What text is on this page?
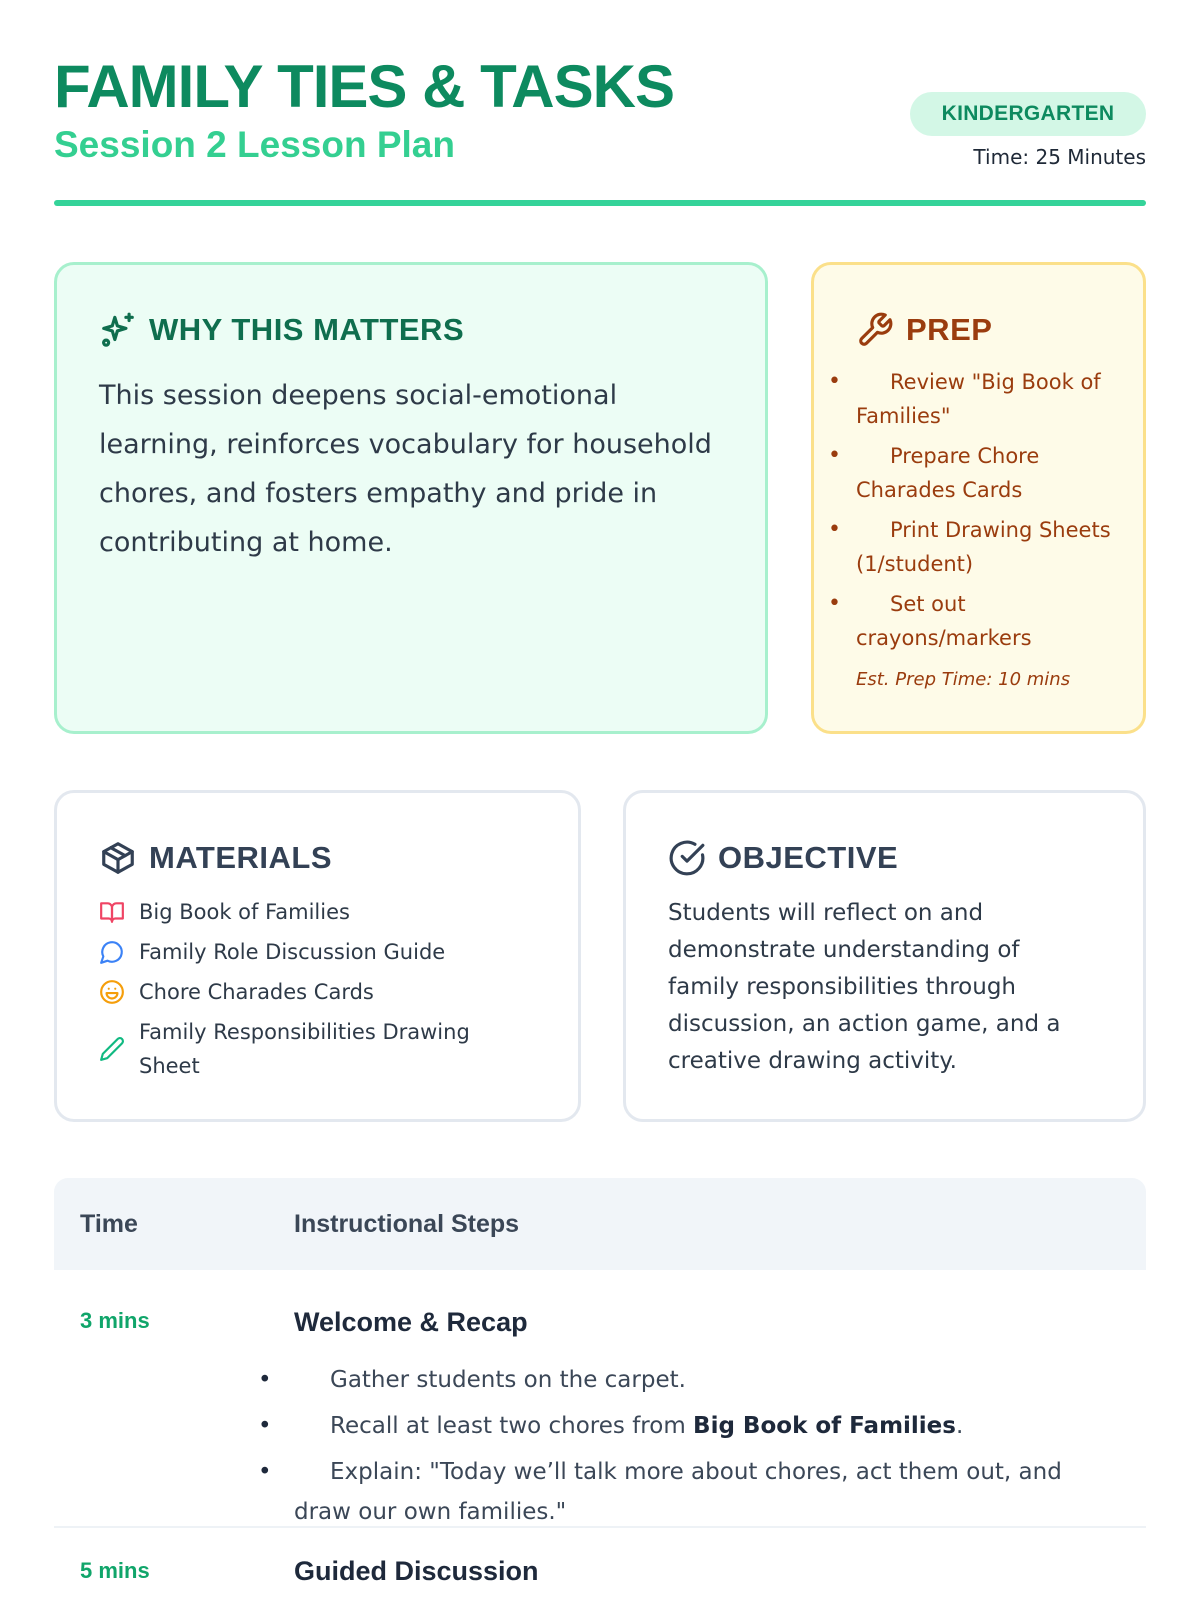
FAMILY TIES & TASKS
Session 2 Lesson Plan
KINDERGARTEN
Time: 25 Minutes
WHY THIS MATTERS

This session deepens social-emotional learning, reinforces vocabulary for household chores, and fosters empathy and pride in contributing at home.

PREP
• Review "Big Book of Families"
• Prepare Chore Charades Cards
• Print Drawing Sheets (1/student)
• Set out crayons/markers
Est. Prep Time: 10 mins
MATERIALS
Big Book of Families
Family Role Discussion Guide
Chore Charades Cards
Family Responsibilities Drawing Sheet
OBJECTIVE

Students will reflect on and demonstrate understanding of family responsibilities through discussion, an action game, and a creative drawing activity.

Time	Instructional Steps
3 mins	Welcome & Recap
• Gather students on the carpet.
• Recall at least two chores from Big Book of Families.
• Explain: "Today we’ll talk more about chores, act them out, and draw our own families."
5 mins	Guided Discussion
